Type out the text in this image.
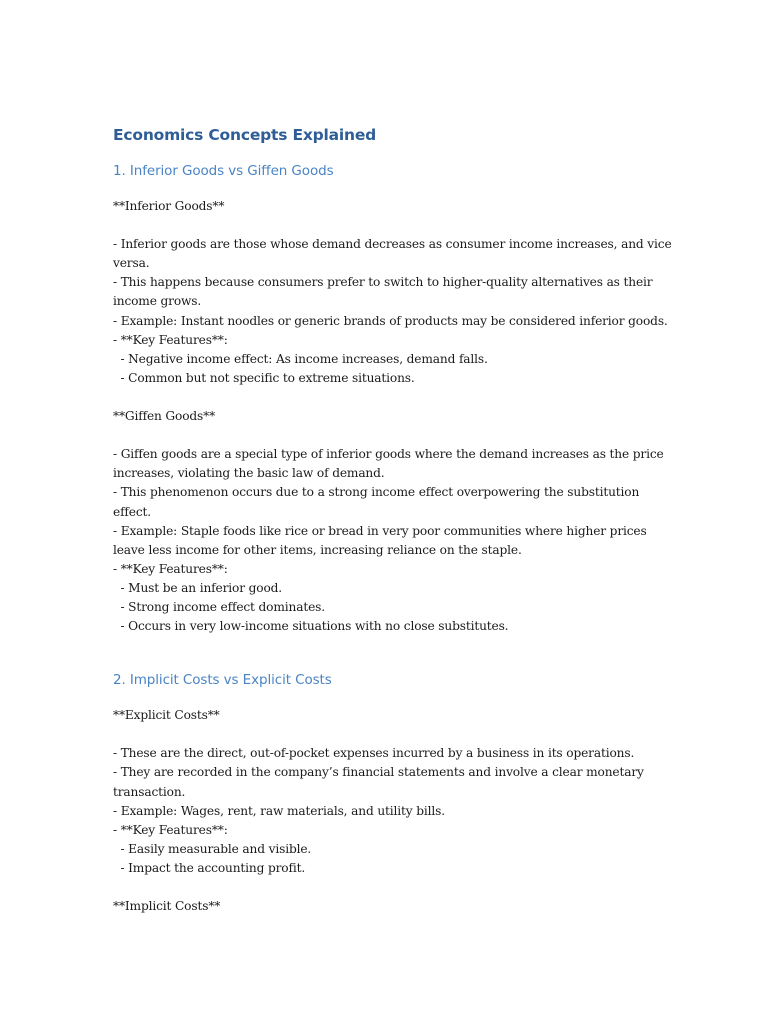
Economics Concepts Explained
1. Inferior Goods vs Giffen Goods

**Inferior Goods**

- Inferior goods are those whose demand decreases as consumer income increases, and vice

versa.

- This happens because consumers prefer to switch to higher-quality alternatives as their

income grows.

- Example: Instant noodles or generic brands of products may be considered inferior goods.

- **Key Features**:

- Negative income effect: As income increases, demand falls.

- Common but not specific to extreme situations.

**Giffen Goods**

- Giffen goods are a special type of inferior goods where the demand increases as the price

increases, violating the basic law of demand.

- This phenomenon occurs due to a strong income effect overpowering the substitution

effect.

- Example: Staple foods like rice or bread in very poor communities where higher prices

leave less income for other items, increasing reliance on the staple.

- **Key Features**:

- Must be an inferior good.

- Strong income effect dominates.

- Occurs in very low-income situations with no close substitutes.

2. Implicit Costs vs Explicit Costs

**Explicit Costs**

- These are the direct, out-of-pocket expenses incurred by a business in its operations.

- They are recorded in the company’s financial statements and involve a clear monetary

transaction.

- Example: Wages, rent, raw materials, and utility bills.

- **Key Features**:

- Easily measurable and visible.

- Impact the accounting profit.

**Implicit Costs**
